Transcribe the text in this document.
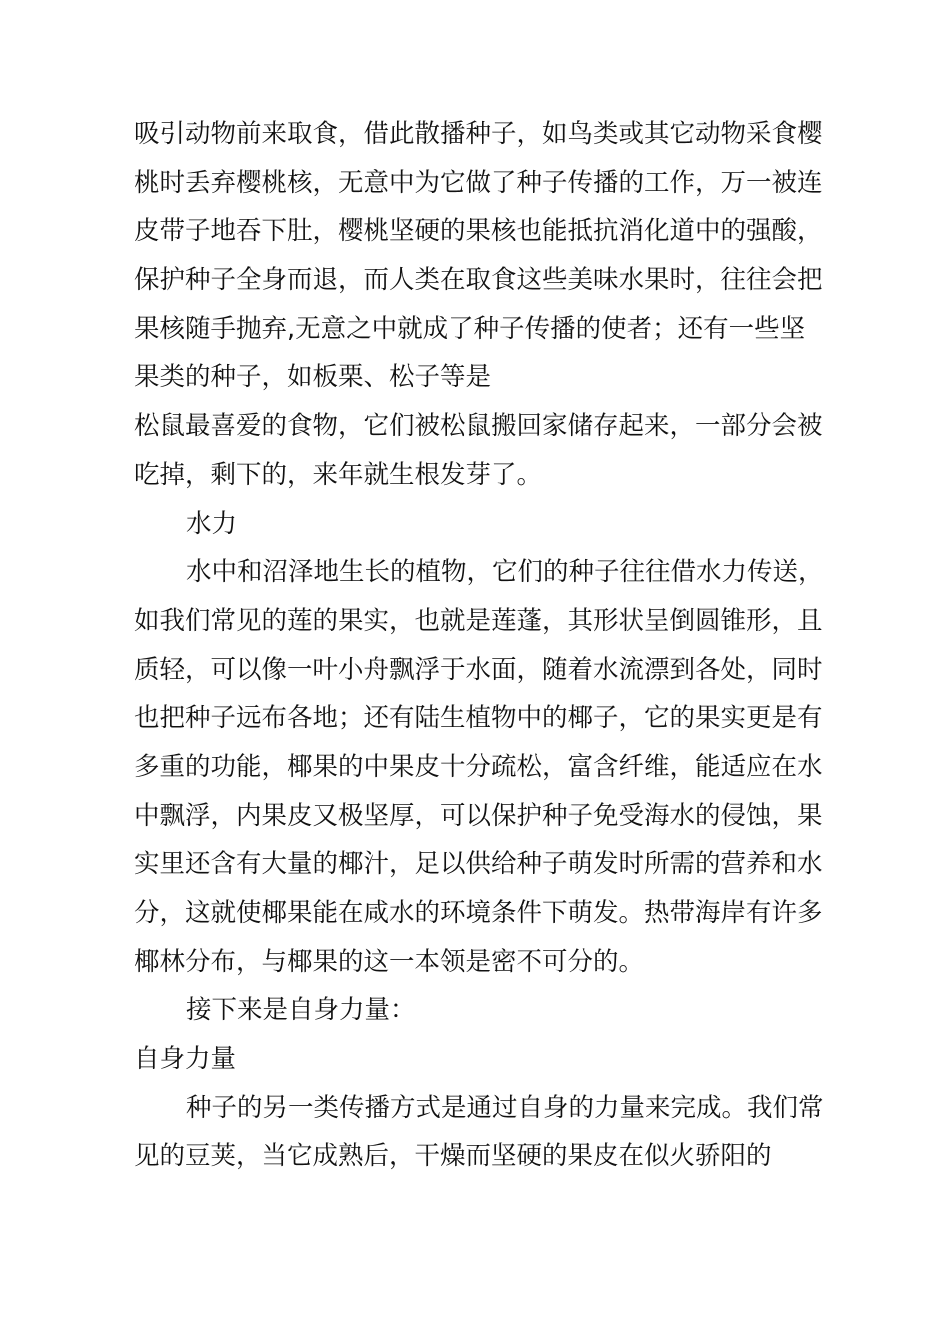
吸引动物前来取食，借此散播种子，如鸟类或其它动物采食樱
桃时丢弃樱桃核，无意中为它做了种子传播的工作，万一被连
皮带子地吞下肚，樱桃坚硬的果核也能抵抗消化道中的强酸，
保护种子全身而退，而人类在取食这些美味水果时，往往会把
果核随手抛弃,无意之中就成了种子传播的使者；还有一些坚
果类的种子，如板栗、松子等是
松鼠最喜爱的食物，它们被松鼠搬回家储存起来，一部分会被
吃掉，剩下的，来年就生根发芽了。
水力
水中和沼泽地生长的植物，它们的种子往往借水力传送，
如我们常见的莲的果实，也就是莲蓬，其形状呈倒圆锥形，且
质轻，可以像一叶小舟飘浮于水面，随着水流漂到各处，同时
也把种子远布各地；还有陆生植物中的椰子，它的果实更是有
多重的功能，椰果的中果皮十分疏松，富含纤维，能适应在水
中飘浮，内果皮又极坚厚，可以保护种子免受海水的侵蚀，果
实里还含有大量的椰汁，足以供给种子萌发时所需的营养和水
分，这就使椰果能在咸水的环境条件下萌发。热带海岸有许多
椰林分布，与椰果的这一本领是密不可分的。
接下来是自身力量：
自身力量
种子的另一类传播方式是通过自身的力量来完成。我们常
见的豆荚，当它成熟后，干燥而坚硬的果皮在似火骄阳的
